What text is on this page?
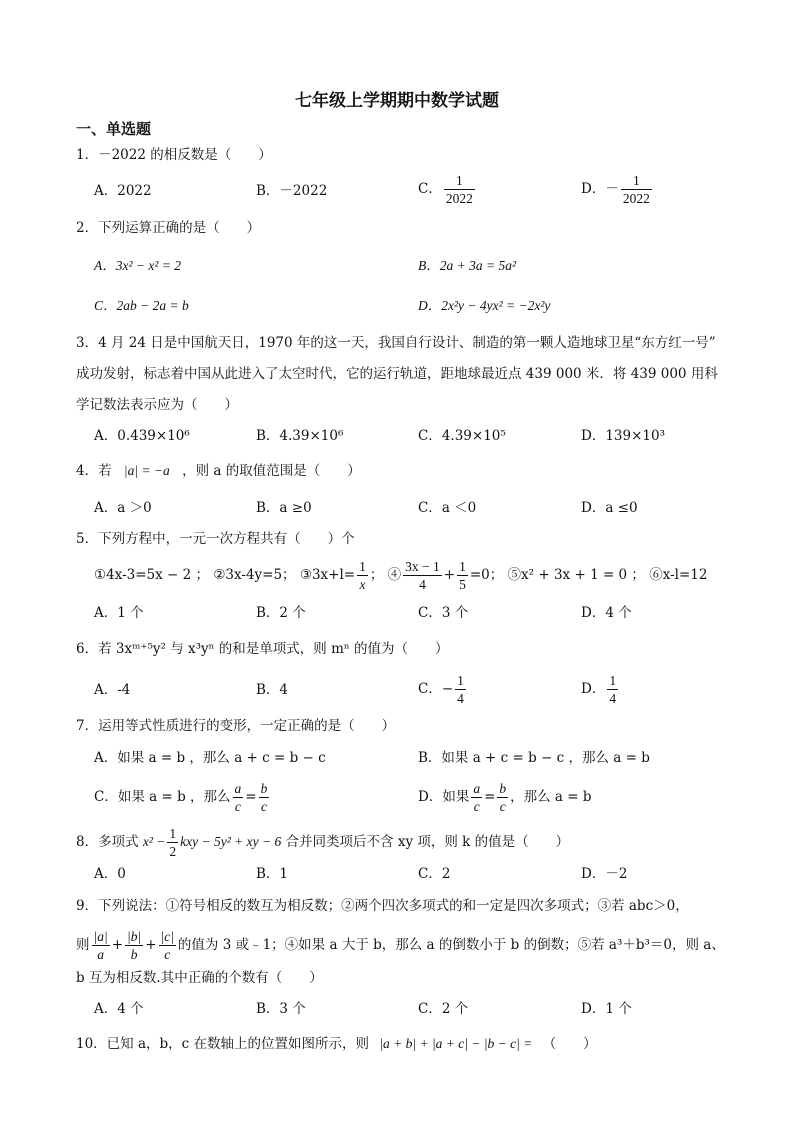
七年级上学期期中数学试题
一、单选题
1．－2022 的相反数是（　　）
A．2022	B．－2022	C． $\frac{1}{2022}$	D．－ $\frac{1}{2022}$
2．下列运算正确的是（　　）
A．3x² − x² = 2	B．2a + 3a = 5a²
C．2ab − 2a = b	D．2x²y − 4yx² = −2x²y
3．4 月 24 日是中国航天日，1970 年的这一天，我国自行设计、制造的第一颗人造地球卫星“东方红一号”
成功发射，标志着中国从此进入了太空时代，它的运行轨道，距地球最近点 439 000 米．将 439 000 用科
学记数法表示应为（　　）
A．0.439×10⁶	B．4.39×10⁶	C．4.39×10⁵	D．139×10³
4．若 |a| = −a ，则 a 的取值范围是（　　）
A．a ＞0	B．a ≥0	C．a ＜0	D．a ≤0
5．下列方程中，一元一次方程共有（　　）个
①4x-3=5x − 2 ； ②3x-4y=5； ③3x+l= $\frac{1}{x}$ ； ④ $\frac{3x - 1}{4} + \frac{1}{5} =0$； ⑤x² + 3x + 1 = 0 ； ⑥x-l=12
A．1 个	B．2 个	C．3 个	D．4 个
6．若 3xᵐ⁺⁵y² 与 x³yⁿ 的和是单项式，则 mⁿ 的值为（　　）
A．-4	B．4	C．− $\frac{1}{4}$	D． $\frac{1}{4}$
7．运用等式性质进行的变形，一定正确的是（　　）
A．如果 a = b ，那么 a + c = b − c	B．如果 a + c = b − c ，那么 a = b
C．如果 a = b ，那么 $\frac{a}{c} = \frac{b}{c}$	D．如果 $\frac{a}{c} = \frac{b}{c}$ ，那么 a = b
8．多项式 $x^2 - \frac{1}{2}$ kxy − 5y² + xy − 6 合并同类项后不含 xy 项，则 k 的值是（　　）
A．0	B．1	C．2	D．－2
9．下列说法：①符号相反的数互为相反数；②两个四次多项式的和一定是四次多项式；③若 abc＞0，
则 $\frac{|a|}{a} + \frac{|b|}{b} + \frac{|c|}{c}$ 的值为 3 或﹣1；④如果 a 大于 b，那么 a 的倒数小于 b 的倒数；⑤若 a³＋b³＝0，则 a、
b 互为相反数.其中正确的个数有（　　）
A．4 个	B．3 个	C．2 个	D．1 个
10．已知 a，b，c 在数轴上的位置如图所示，则 |a + b| + |a + c| − |b − c| = （　　）
